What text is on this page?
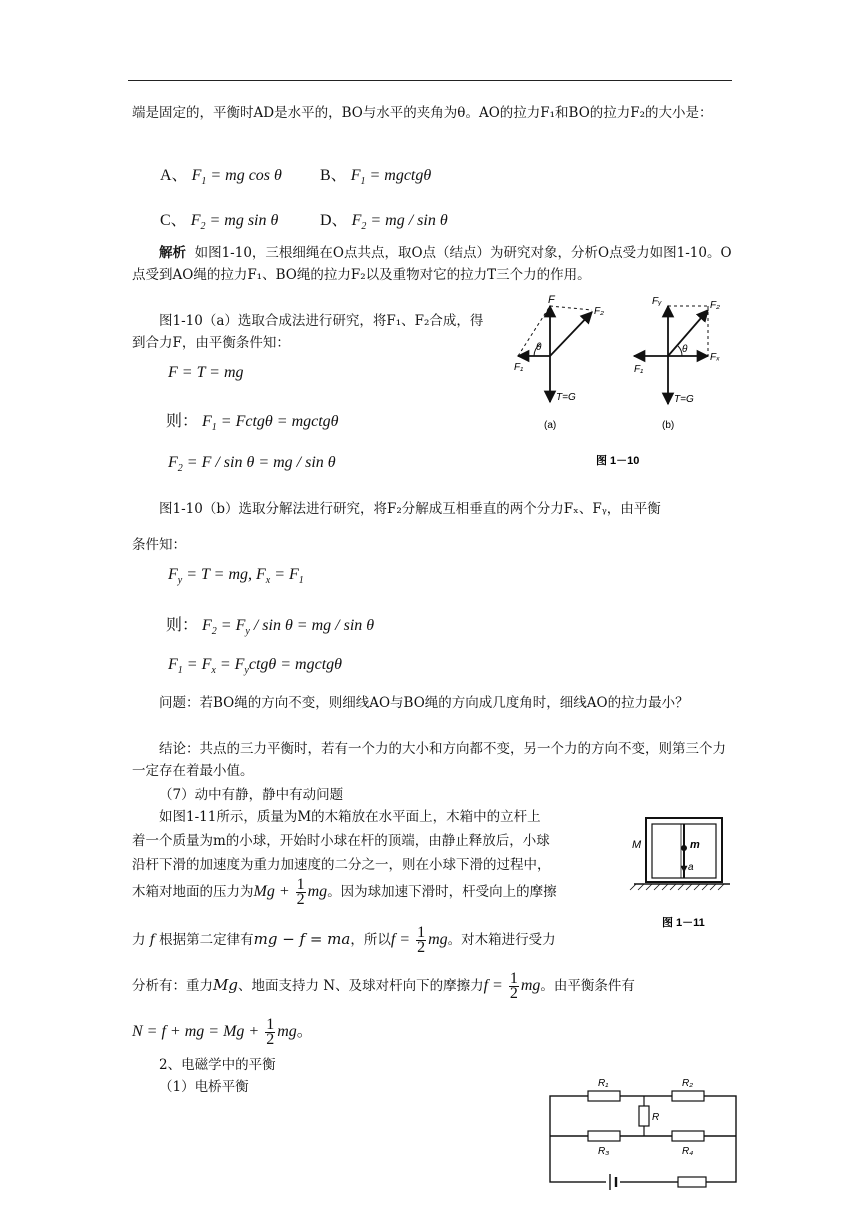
端是固定的，平衡时AD是水平的，BO与水平的夹角为θ。AO的拉力F₁和BO的拉力F₂的大小是：
A、 $F_1$ = mg cos θ B、 $F_1$ = mgctgθ
C、 $F_2$ = mg sin θ	D、 $F_2$ = mg / sin θ
解析 如图1-10，三根细绳在O点共点，取O点（结点）为研究对象，分析O点受力如图1-10。O点受到AO绳的拉力F₁、BO绳的拉力F₂以及重物对它的拉力T三个力的作用。
图1-10（a）选取合成法进行研究，将F₁、F₂合成，得到合力F，由平衡条件知：
F = T = mg
则： $F_1$ = Fctgθ = mgctgθ
$F_2 = F / \sin \theta$ = mg / sin θ
F
F₂
F₁
θ
T=G
(a)
Fᵧ	F₂
Fₓ
F₁
θ
T=G
(b)
图 1－10
图1-10（b）选取分解法进行研究，将F₂分解成互相垂直的两个分力Fₓ、Fᵧ，由平衡
条件知：
$F_y = T$ = mg, $F_x = F_1$
则： $F_2 = F_y / \sin \theta$ = mg / sin θ
$F_1 = F_x = F_yctg\theta$ = mgctgθ
问题：若BO绳的方向不变，则细线AO与BO绳的方向成几度角时，细线AO的拉力最小？
结论：共点的三力平衡时，若有一个力的大小和方向都不变，另一个力的方向不变，则第三个力一定存在着最小值。
（7）动中有静，静中有动问题
如图1-11所示，质量为M的木箱放在水平面上，木箱中的立杆上
着一个质量为m的小球，开始时小球在杆的顶端，由静止释放后，小球
沿杆下滑的加速度为重力加速度的二分之一，则在小球下滑的过程中，
木箱对地面的压力为$Mg + \frac{1}{2}$ mg。因为球加速下滑时，杆受向上的摩擦
力 f 根据第二定律有mg − f = ma，所以$f = \frac{1}{2}$ mg。对木箱进行受力
分析有：重力Mg、地面支持力 N、及球对杆向下的摩擦力$f = \frac{1}{2}$ mg。由平衡条件有
N = f + mg = $Mg + \frac{1}{2}$ mg。
M	m
a
图 1－11
2、电磁学中的平衡
（1）电桥平衡	R₁	R₂
R
R₃	R₄
